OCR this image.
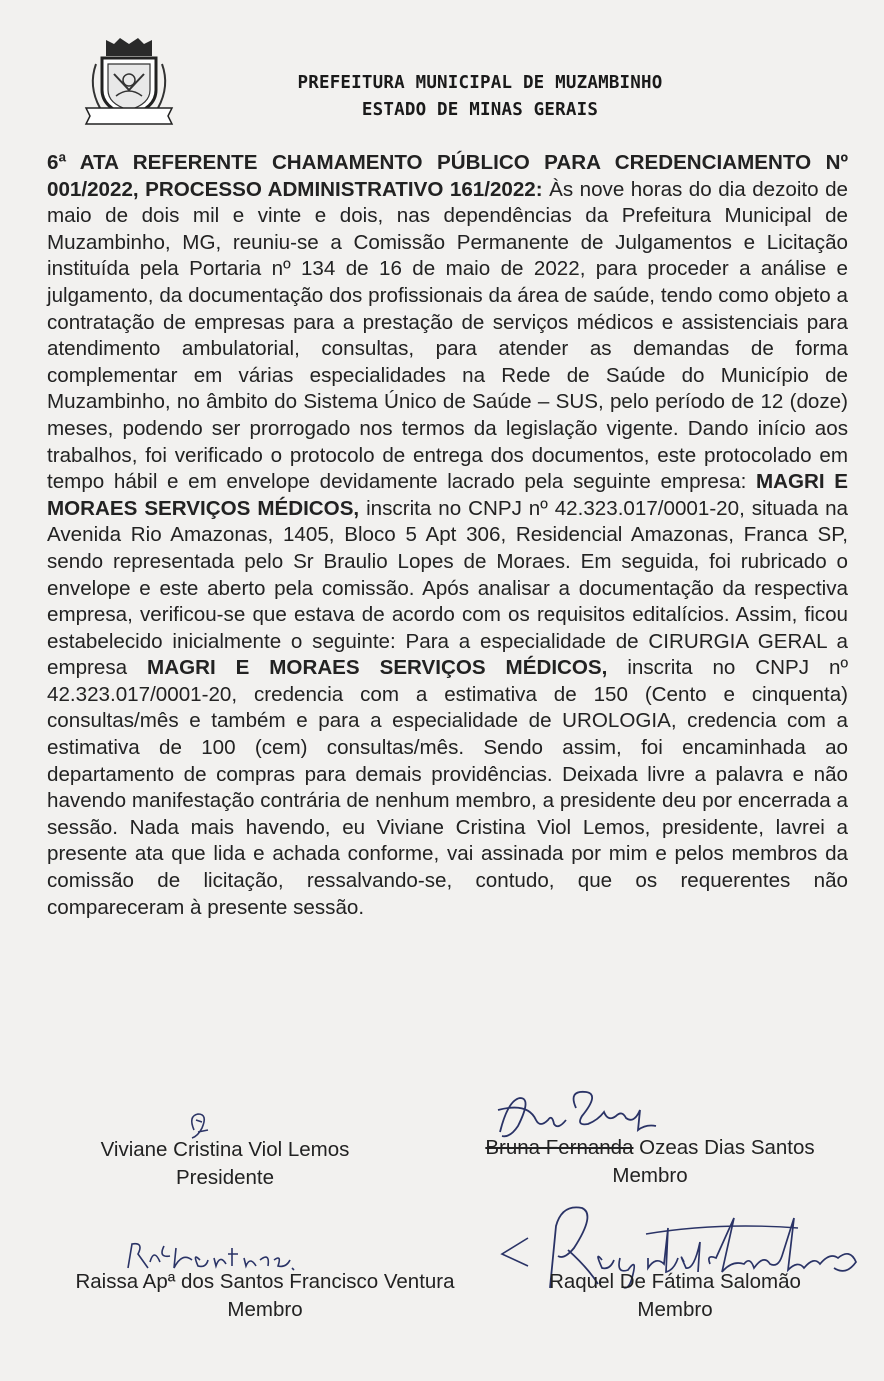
PREFEITURA MUNICIPAL DE MUZAMBINHO
ESTADO DE MINAS GERAIS
6ª ATA REFERENTE CHAMAMENTO PÚBLICO PARA CREDENCIAMENTO Nº 001/2022, PROCESSO ADMINISTRATIVO 161/2022: Às nove horas do dia dezoito de maio de dois mil e vinte e dois, nas dependências da Prefeitura Municipal de Muzambinho, MG, reuniu-se a Comissão Permanente de Julgamentos e Licitação instituída pela Portaria nº 134 de 16 de maio de 2022, para proceder a análise e julgamento, da documentação dos profissionais da área de saúde, tendo como objeto a contratação de empresas para a prestação de serviços médicos e assistenciais para atendimento ambulatorial, consultas, para atender as demandas de forma complementar em várias especialidades na Rede de Saúde do Município de Muzambinho, no âmbito do Sistema Único de Saúde – SUS, pelo período de 12 (doze) meses, podendo ser prorrogado nos termos da legislação vigente. Dando início aos trabalhos, foi verificado o protocolo de entrega dos documentos, este protocolado em tempo hábil e em envelope devidamente lacrado pela seguinte empresa: MAGRI E MORAES SERVIÇOS MÉDICOS, inscrita no CNPJ nº 42.323.017/0001-20, situada na Avenida Rio Amazonas, 1405, Bloco 5 Apt 306, Residencial Amazonas, Franca SP, sendo representada pelo Sr Braulio Lopes de Moraes. Em seguida, foi rubricado o envelope e este aberto pela comissão. Após analisar a documentação da respectiva empresa, verificou-se que estava de acordo com os requisitos editalícios. Assim, ficou estabelecido inicialmente o seguinte: Para a especialidade de CIRURGIA GERAL a empresa MAGRI E MORAES SERVIÇOS MÉDICOS, inscrita no CNPJ nº 42.323.017/0001-20, credencia com a estimativa de 150 (Cento e cinquenta) consultas/mês e também e para a especialidade de UROLOGIA, credencia com a estimativa de 100 (cem) consultas/mês. Sendo assim, foi encaminhada ao departamento de compras para demais providências. Deixada livre a palavra e não havendo manifestação contrária de nenhum membro, a presidente deu por encerrada a sessão. Nada mais havendo, eu Viviane Cristina Viol Lemos, presidente, lavrei a presente ata que lida e achada conforme, vai assinada por mim e pelos membros da comissão de licitação, ressalvando-se, contudo, que os requerentes não compareceram à presente sessão.
Viviane Cristina Viol Lemos
Presidente
Bruna Fernanda Ozeas Dias Santos
Membro
Raissa Apª dos Santos Francisco Ventura
Membro
Raquel De Fátima Salomão
Membro
